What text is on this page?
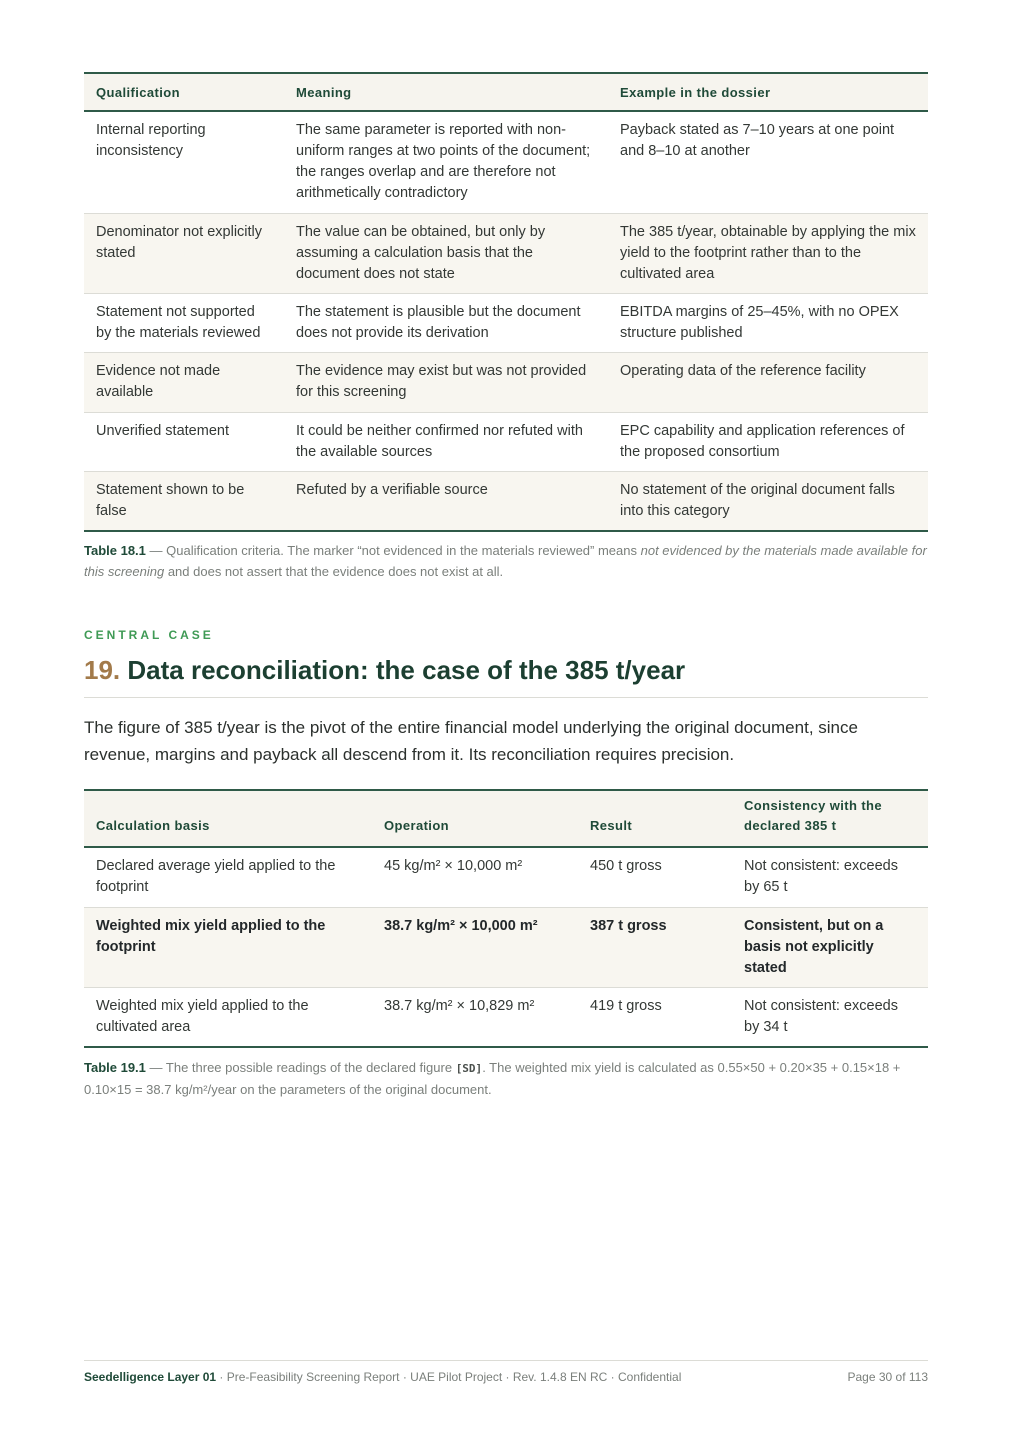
Qualification	Meaning	Example in the dossier
Internal reporting inconsistency	The same parameter is reported with non-uniform ranges at two points of the document; the ranges overlap and are therefore not arithmetically contradictory	Payback stated as 7–10 years at one point and 8–10 at another
Denominator not explicitly stated	The value can be obtained, but only by assuming a calculation basis that the document does not state	The 385 t/year, obtainable by applying the mix yield to the footprint rather than to the cultivated area
Statement not supported by the materials reviewed	The statement is plausible but the document does not provide its derivation	EBITDA margins of 25–45%, with no OPEX structure published
Evidence not made available	The evidence may exist but was not provided for this screening	Operating data of the reference facility
Unverified statement	It could be neither confirmed nor refuted with the available sources	EPC capability and application references of the proposed consortium
Statement shown to be false	Refuted by a verifiable source	No statement of the original document falls into this category

Table 18.1 — Qualification criteria. The marker “not evidenced in the materials reviewed” means not evidenced by the materials made available for this screening and does not assert that the evidence does not exist at all.

CENTRAL CASE
19. Data reconciliation: the case of the 385 t/year

The figure of 385 t/year is the pivot of the entire financial model underlying the original document, since revenue, margins and payback all descend from it. Its reconciliation requires precision.

Calculation basis	Operation	Result	Consistency with the declared 385 t
Declared average yield applied to the footprint	45 kg/m² × 10,000 m²	450 t gross	Not consistent: exceeds by 65 t
Weighted mix yield applied to the footprint	38.7 kg/m² × 10,000 m²	387 t gross	Consistent, but on a basis not explicitly stated
Weighted mix yield applied to the cultivated area	38.7 kg/m² × 10,829 m²	419 t gross	Not consistent: exceeds by 34 t

Table 19.1 — The three possible readings of the declared figure [SD]. The weighted mix yield is calculated as 0.55×50 + 0.20×35 + 0.15×18 + 0.10×15 = 38.7 kg/m²/year on the parameters of the original document.

Seedelligence Layer 01 · Pre-Feasibility Screening Report · UAE Pilot Project · Rev. 1.4.8 EN RC · Confidential	Page 30 of 113
